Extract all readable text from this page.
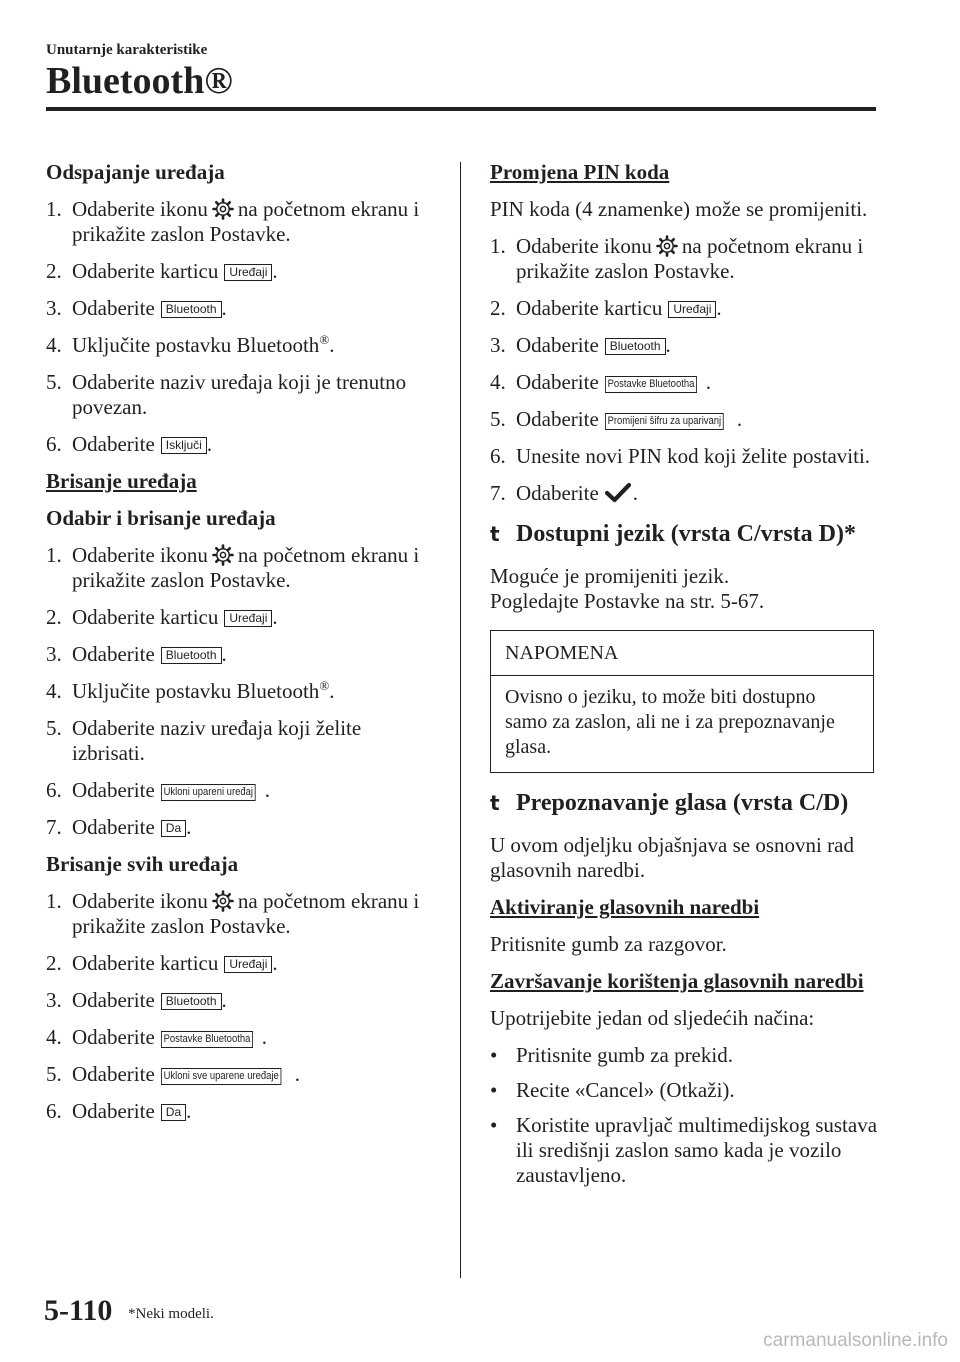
Unutarnje karakteristike
Bluetooth®
Odspajanje uređaja
1. Odaberite ikonu na početnom ekranu i prikažite zaslon Postavke.
2. Odaberite karticu Uređaji .
3. Odaberite Bluetooth .
4. Uključite postavku Bluetooth®.
5. Odaberite naziv uređaja koji je trenutno povezan.
6. Odaberite Isključi .
Brisanje uređaja
Odabir i brisanje uređaja
1. Odaberite ikonu na početnom ekranu i prikažite zaslon Postavke.
2. Odaberite karticu Uređaji .
3. Odaberite Bluetooth .
4. Uključite postavku Bluetooth®.
5. Odaberite naziv uređaja koji želite izbrisati.
6. Odaberite Ukloni upareni uređaj .
7. Odaberite Da .
Brisanje svih uređaja
1. Odaberite ikonu na početnom ekranu i prikažite zaslon Postavke.
2. Odaberite karticu Uređaji .
3. Odaberite Bluetooth .
4. Odaberite Postavke Bluetootha .
5. Odaberite Ukloni sve uparene uređaje .
6. Odaberite Da .
Promjena PIN koda
PIN koda (4 znamenke) može se promijeniti.
1. Odaberite ikonu na početnom ekranu i prikažite zaslon Postavke.
2. Odaberite karticu Uređaji .
3. Odaberite Bluetooth .
4. Odaberite Postavke Bluetootha .
5. Odaberite Promijeni šifru za uparivanj .
6. Unesite novi PIN kod koji želite postaviti.
7. Odaberite .
t Dostupni jezik (vrsta C/vrsta D)*
Moguće je promijeniti jezik.
Pogledajte Postavke na str. 5-67.
NAPOMENA
Ovisno o jeziku, to može biti dostupno samo za zaslon, ali ne i za prepoznavanje glasa.
t Prepoznavanje glasa (vrsta C/D)
U ovom odjeljku objašnjava se osnovni rad glasovnih naredbi.
Aktiviranje glasovnih naredbi
Pritisnite gumb za razgovor.
Završavanje korištenja glasovnih naredbi
Upotrijebite jedan od sljedećih načina:
• Pritisnite gumb za prekid.
• Recite «Cancel» (Otkaži).
• Koristite upravljač multimedijskog sustava ili središnji zaslon samo kada je vozilo zaustavljeno.
5-110 *Neki modeli.
carmanualsonline.info
